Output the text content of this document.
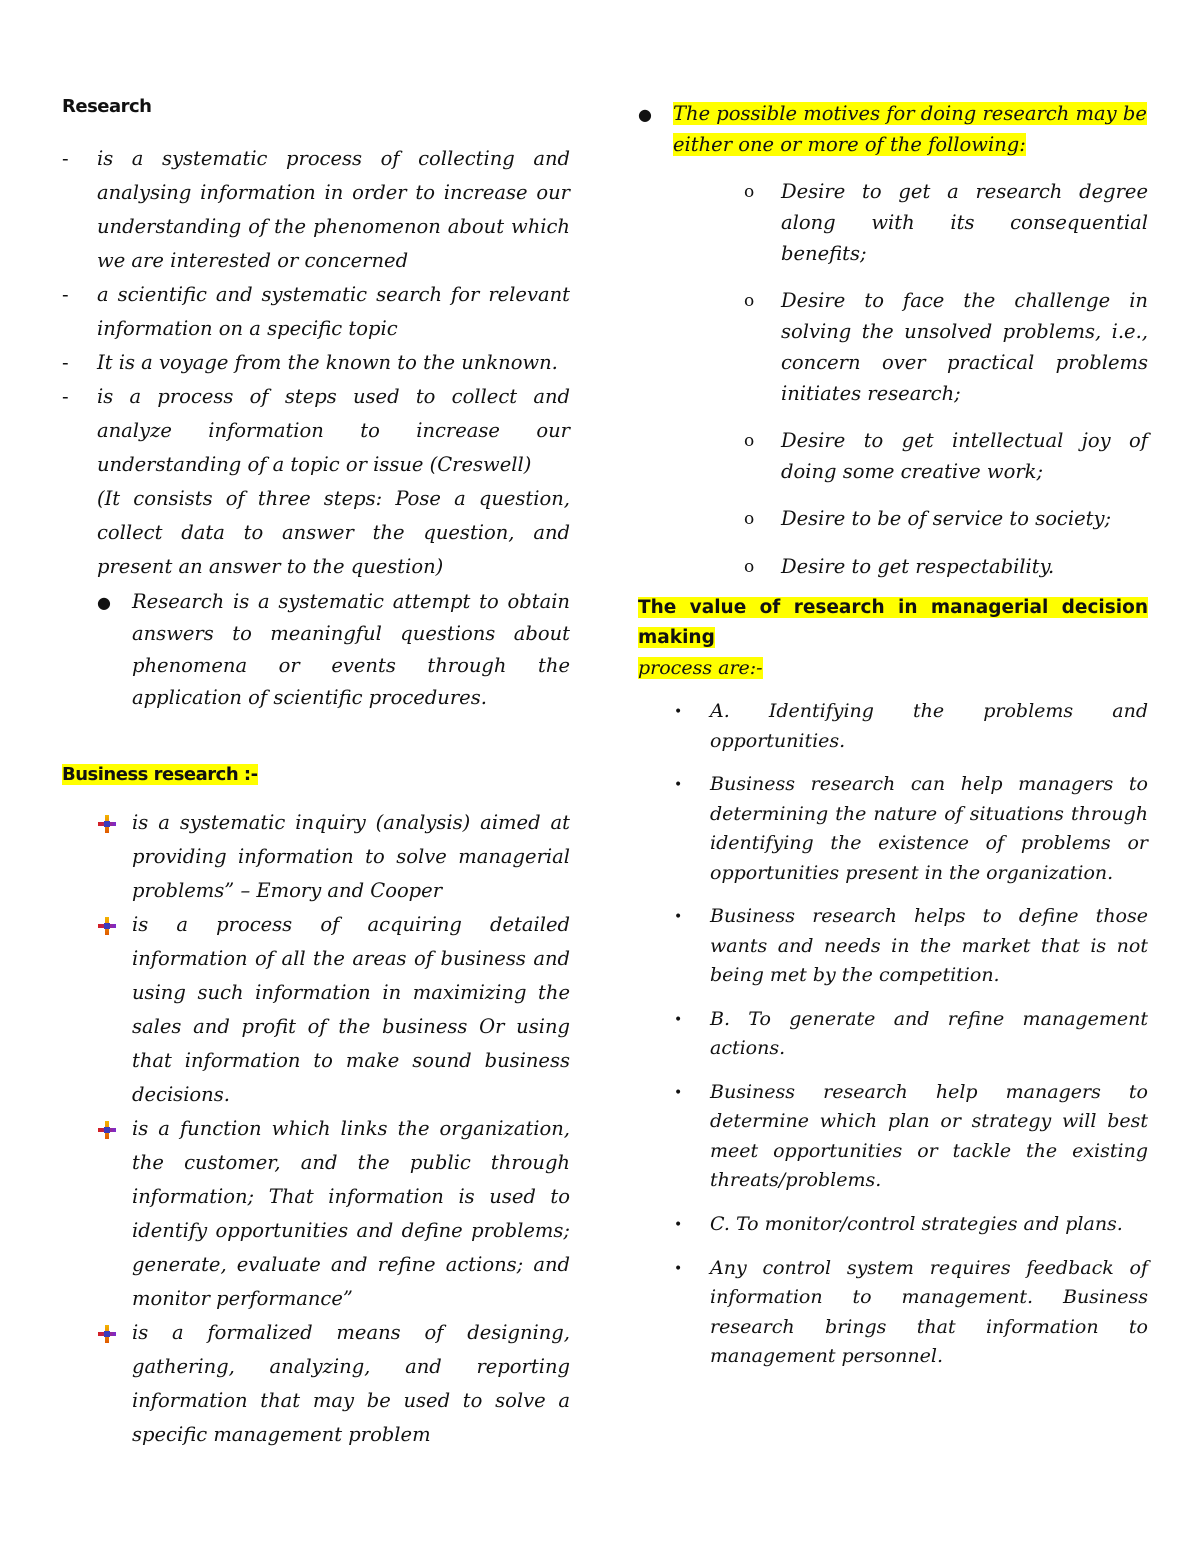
Research
-	is a systematic process of collecting and analysing information in order to increase our understanding of the phenomenon about which we are interested or concerned
-	a scientific and systematic search for relevant information on a specific topic
-	It is a voyage from the known to the unknown.
-	is a process of steps used to collect and analyze information to increase our understanding of a topic or issue (Creswell)
(It consists of three steps: Pose a question, collect data to answer the question, and present an answer to the question)
●	Research is a systematic attempt to obtain answers to meaningful questions about phenomena or events through the application of scientific procedures.
Business research :-
is a systematic inquiry (analysis) aimed at providing information to solve managerial problems” – Emory and Cooper
is a process of acquiring detailed information of all the areas of business and using such information in maximizing the sales and profit of the business Or using that information to make sound business decisions.
is a function which links the organization, the customer, and the public through information; That information is used to identify opportunities and define problems; generate, evaluate and refine actions; and monitor performance”
is a formalized means of designing, gathering, analyzing, and reporting information that may be used to solve a specific management problem
●	The possible motives for doing research may be either one or more of the following:
o	Desire to get a research degree along with its consequential benefits;
o	Desire to face the challenge in solving the unsolved problems, i.e., concern over practical problems initiates research;
o	Desire to get intellectual joy of doing some creative work;
o	Desire to be of service to society;
o	Desire to get respectability.
The value of research in managerial decision making
process are:-
•	A. Identifying the problems and opportunities.
•	Business research can help managers to determining the nature of situations through identifying the existence of problems or opportunities present in the organization.
•	Business research helps to define those wants and needs in the market that is not being met by the competition.
•	B. To generate and refine management actions.
•	Business research help managers to determine which plan or strategy will best meet opportunities or tackle the existing threats/problems.
•	C. To monitor/control strategies and plans.
•	Any control system requires feedback of information to management. Business research brings that information to management personnel.
